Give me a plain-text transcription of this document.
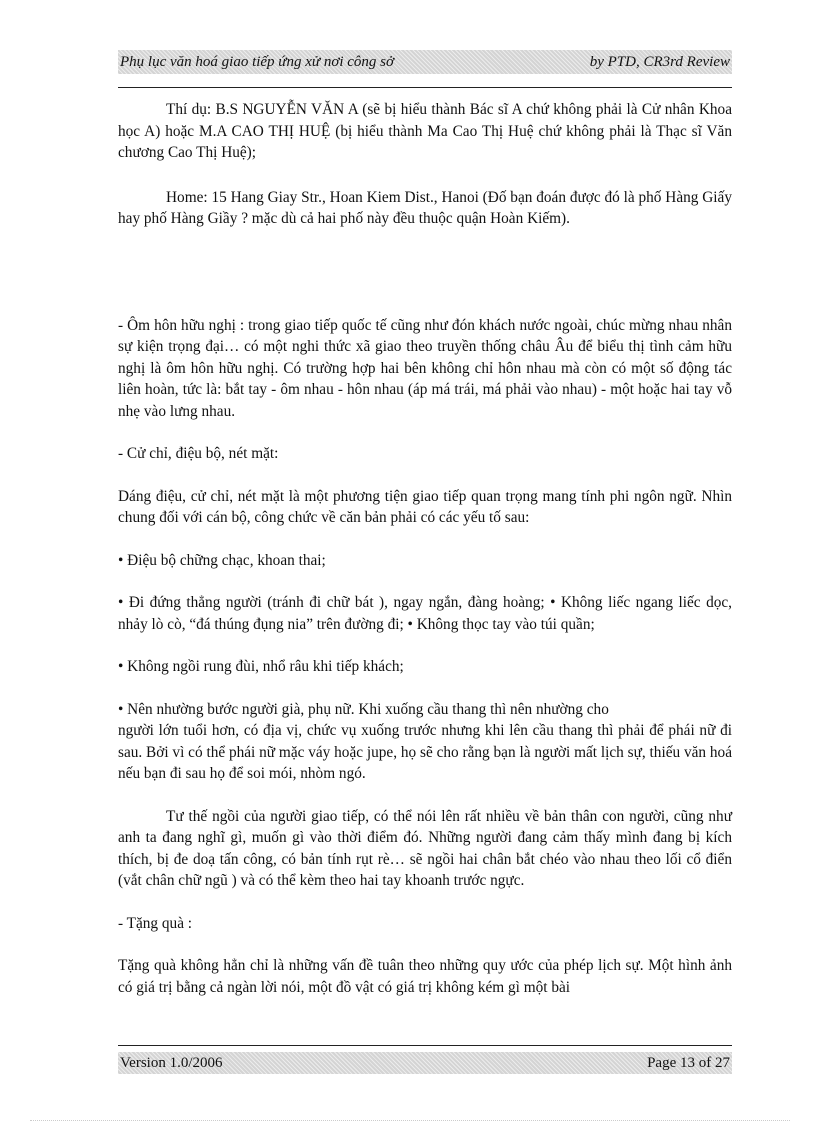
Phụ lục văn hoá giao tiếp ứng xử nơi công sở	by PTD, CR3rd Review

Thí dụ: B.S NGUYỄN VĂN A (sẽ bị hiểu thành Bác sĩ A chứ không phải là Cử nhân Khoa học A) hoặc M.A CAO THỊ HUỆ (bị hiểu thành Ma Cao Thị Huệ chứ không phải là Thạc sĩ Văn chương Cao Thị Huệ);

Home: 15 Hang Giay Str., Hoan Kiem Dist., Hanoi (Đố bạn đoán được đó là phố Hàng Giấy hay phố Hàng Giầy ? mặc dù cả hai phố này đều thuộc quận Hoàn Kiếm).

- Ôm hôn hữu nghị : trong giao tiếp quốc tế cũng như đón khách nước ngoài, chúc mừng nhau nhân sự kiện trọng đại… có một nghi thức xã giao theo truyền thống châu Âu để biểu thị tình cảm hữu nghị là ôm hôn hữu nghị. Có trường hợp hai bên không chỉ hôn nhau mà còn có một số động tác liên hoàn, tức là: bắt tay - ôm nhau - hôn nhau (áp má trái, má phải vào nhau) - một hoặc hai tay vỗ nhẹ vào lưng nhau.

- Cử chỉ, điệu bộ, nét mặt:

Dáng điệu, cử chỉ, nét mặt là một phương tiện giao tiếp quan trọng mang tính phi ngôn ngữ. Nhìn chung đối với cán bộ, công chức về căn bản phải có các yếu tố sau:

• Điệu bộ chững chạc, khoan thai;

• Đi đứng thẳng người (tránh đi chữ bát ), ngay ngắn, đàng hoàng; • Không liếc ngang liếc dọc, nhảy lò cò, “đá thúng đụng nia” trên đường đi; • Không thọc tay vào túi quần;

• Không ngồi rung đùi, nhổ râu khi tiếp khách;

• Nên nhường bước người già, phụ nữ. Khi xuống cầu thang thì nên nhường cho

người lớn tuổi hơn, có địa vị, chức vụ xuống trước nhưng khi lên cầu thang thì phải để phái nữ đi sau. Bởi vì có thể phái nữ mặc váy hoặc jupe, họ sẽ cho rằng bạn là người mất lịch sự, thiếu văn hoá nếu bạn đi sau họ để soi mói, nhòm ngó.

Tư thế ngồi của người giao tiếp, có thể nói lên rất nhiều về bản thân con người, cũng như anh ta đang nghĩ gì, muốn gì vào thời điểm đó. Những người đang cảm thấy mình đang bị kích thích, bị đe doạ tấn công, có bản tính rụt rè… sẽ ngồi hai chân bắt chéo vào nhau theo lối cổ điển (vắt chân chữ ngũ ) và có thể kèm theo hai tay khoanh trước ngực.

- Tặng quà :

Tặng quà không hẳn chỉ là những vấn đề tuân theo những quy ước của phép lịch sự. Một hình ảnh có giá trị bằng cả ngàn lời nói, một đồ vật có giá trị không kém gì một bài

Version 1.0/2006	Page 13 of 27
